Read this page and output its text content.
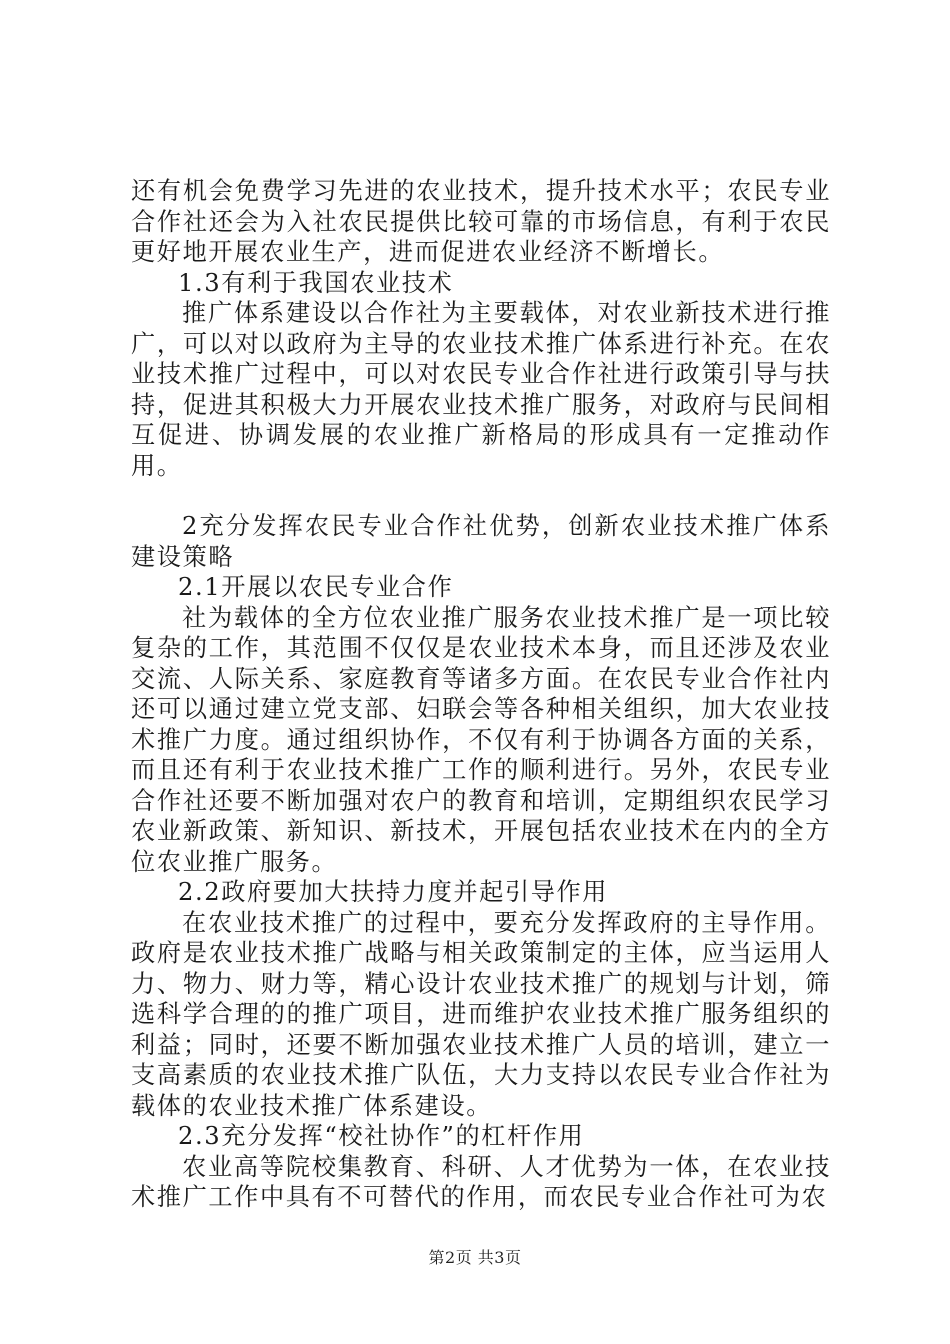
还有机会免费学习先进的农业技术，提升技术水平；农民专业合作社还会为入社农民提供比较可靠的市场信息，有利于农民更好地开展农业生产，进而促进农业经济不断增长。

1.3有利于我国农业技术

推广体系建设以合作社为主要载体，对农业新技术进行推广，可以对以政府为主导的农业技术推广体系进行补充。在农业技术推广过程中，可以对农民专业合作社进行政策引导与扶持，促进其积极大力开展农业技术推广服务，对政府与民间相互促进、协调发展的农业推广新格局的形成具有一定推动作用。

2充分发挥农民专业合作社优势，创新农业技术推广体系建设策略

2.1开展以农民专业合作

社为载体的全方位农业推广服务农业技术推广是一项比较复杂的工作，其范围不仅仅是农业技术本身，而且还涉及农业交流、人际关系、家庭教育等诸多方面。在农民专业合作社内还可以通过建立党支部、妇联会等各种相关组织，加大农业技术推广力度。通过组织协作，不仅有利于协调各方面的关系，而且还有利于农业技术推广工作的顺利进行。另外，农民专业合作社还要不断加强对农户的教育和培训，定期组织农民学习农业新政策、新知识、新技术，开展包括农业技术在内的全方位农业推广服务。

2.2政府要加大扶持力度并起引导作用

在农业技术推广的过程中，要充分发挥政府的主导作用。政府是农业技术推广战略与相关政策制定的主体，应当运用人力、物力、财力等，精心设计农业技术推广的规划与计划，筛选科学合理的的推广项目，进而维护农业技术推广服务组织的利益；同时，还要不断加强农业技术推广人员的培训，建立一支高素质的农业技术推广队伍，大力支持以农民专业合作社为载体的农业技术推广体系建设。

2.3充分发挥“校社协作”的杠杆作用

农业高等院校集教育、科研、人才优势为一体，在农业技术推广工作中具有不可替代的作用，而农民专业合作社可为农

第2页 共3页
